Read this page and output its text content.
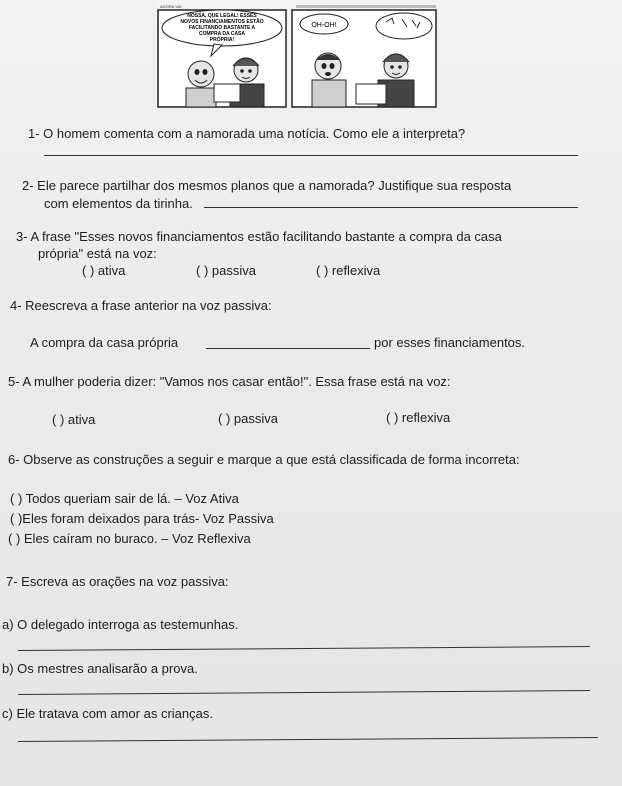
AGORA VAI
NOSSA, QUE LEGAL! ESSES
NOVOS FINANCIAMENTOS ESTÃO
FACILITANDO BASTANTE A
COMPRA DA CASA
PRÓPRIA!
OH-OH!
1- O homem comenta com a namorada uma notícia. Como ele a interpreta?
2- Ele parece partilhar dos mesmos planos que a namorada? Justifique sua resposta
com elementos da tirinha.
3- A frase "Esses novos financiamentos estão facilitando bastante a compra da casa
própria" está na voz:
( ) ativa	( ) passiva	( ) reflexiva
4- Reescreva a frase anterior na voz passiva:
A compra da casa própria	por esses financiamentos.
5- A mulher poderia dizer: "Vamos nos casar então!". Essa frase está na voz:
( ) ativa	( ) passiva	( ) reflexiva
6- Observe as construções a seguir e marque a que está classificada de forma incorreta:
( ) Todos queriam sair de lá. – Voz Ativa
( )Eles foram deixados para trás- Voz Passiva
( ) Eles caíram no buraco. – Voz Reflexiva
7- Escreva as orações na voz passiva:
a) O delegado interroga as testemunhas.
b) Os mestres analisarão a prova.
c) Ele tratava com amor as crianças.
